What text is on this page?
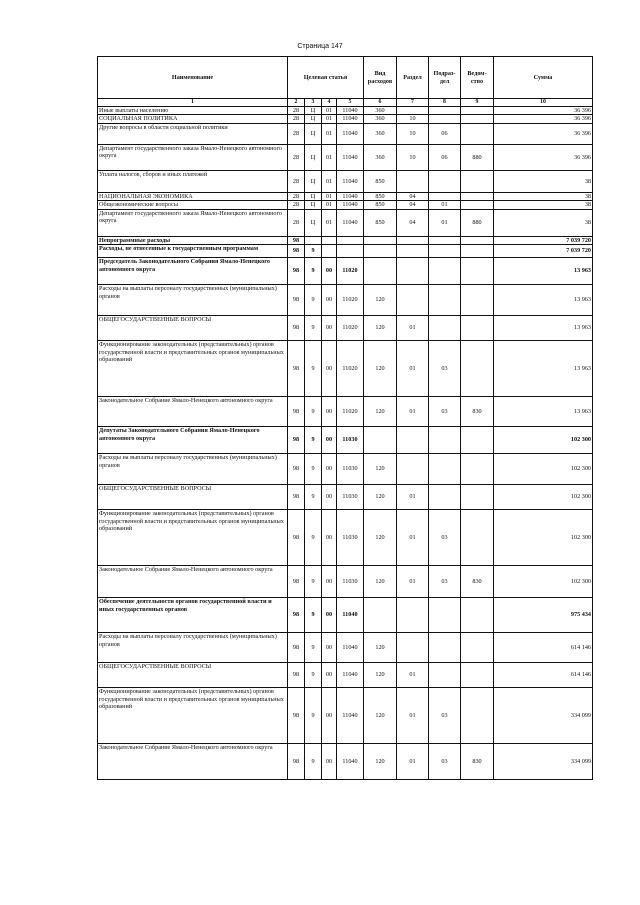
Страница 147
Наименование	Целевая статья				Вид расходов	Раздел	Подраз-дел	Ведом-ство	Сумма
1	2	3	4	5	6	7	8	9	10
Иные выплаты населению	28	Ц	01	11040	360				36 396
СОЦИАЛЬНАЯ ПОЛИТИКА	28	Ц	01	11040	360	10			36 396
Другие вопросы в области социальной политики	28	Ц	01	11040	360	10	06		36 396
Департамент государственного заказа Ямало-Ненецкого автономного округа	28	Ц	01	11040	360	10	06	880	36 396
Уплата налогов, сборов и иных платежей	28	Ц	01	11040	850				38
НАЦИОНАЛЬНАЯ ЭКОНОМИКА	28	Ц	01	11040	850	04			38
Общеэкономические вопросы	28	Ц	01	11040	850	04	01		38
Департамент государственного заказа Ямало-Ненецкого автономного округа	28	Ц	01	11040	850	04	01	880	38
Непрограммные расходы	98								7 039 720
Расходы, не отнесенные к государственным программам	98	9							7 039 720
Председатель Законодательного Собрания Ямало-Ненецкого автономного округа	98	9	00	11020					13 963
Расходы на выплаты персоналу государственных (муниципальных) органов	98	9	00	11020	120				13 963
ОБЩЕГОСУДАРСТВЕННЫЕ ВОПРОСЫ	98	9	00	11020	120	01			13 963
Функционирование законодательных (представительных) органов государственной власти и представительных органов муниципальных образований	98	9	00	11020	120	01	03		13 963
Законодательное Собрание Ямало-Ненецкого автономного округа	98	9	00	11020	120	01	03	830	13 963
Депутаты Законодательного Собрания Ямало-Ненецкого автономного округа	98	9	00	11030					102 300
Расходы на выплаты персоналу государственных (муниципальных) органов	98	9	00	11030	120				102 300
ОБЩЕГОСУДАРСТВЕННЫЕ ВОПРОСЫ	98	9	00	11030	120	01			102 300
Функционирование законодательных (представительных) органов государственной власти и представительных органов муниципальных образований	98	9	00	11030	120	01	03		102 300
Законодательное Собрание Ямало-Ненецкого автономного округа	98	9	00	11030	120	01	03	830	102 300
Обеспечение деятельности органов государственной власти и иных государственных органов	98	9	00	11040					975 434
Расходы на выплаты персоналу государственных (муниципальных) органов	98	9	00	11040	120				614 146
ОБЩЕГОСУДАРСТВЕННЫЕ ВОПРОСЫ	98	9	00	11040	120	01			614 146
Функционирование законодательных (представительных) органов государственной власти и представительных органов муниципальных образований	98	9	00	11040	120	01	03		334 099
Законодательное Собрание Ямало-Ненецкого автономного округа	98	9	00	11040	120	01	03	830	334 099
